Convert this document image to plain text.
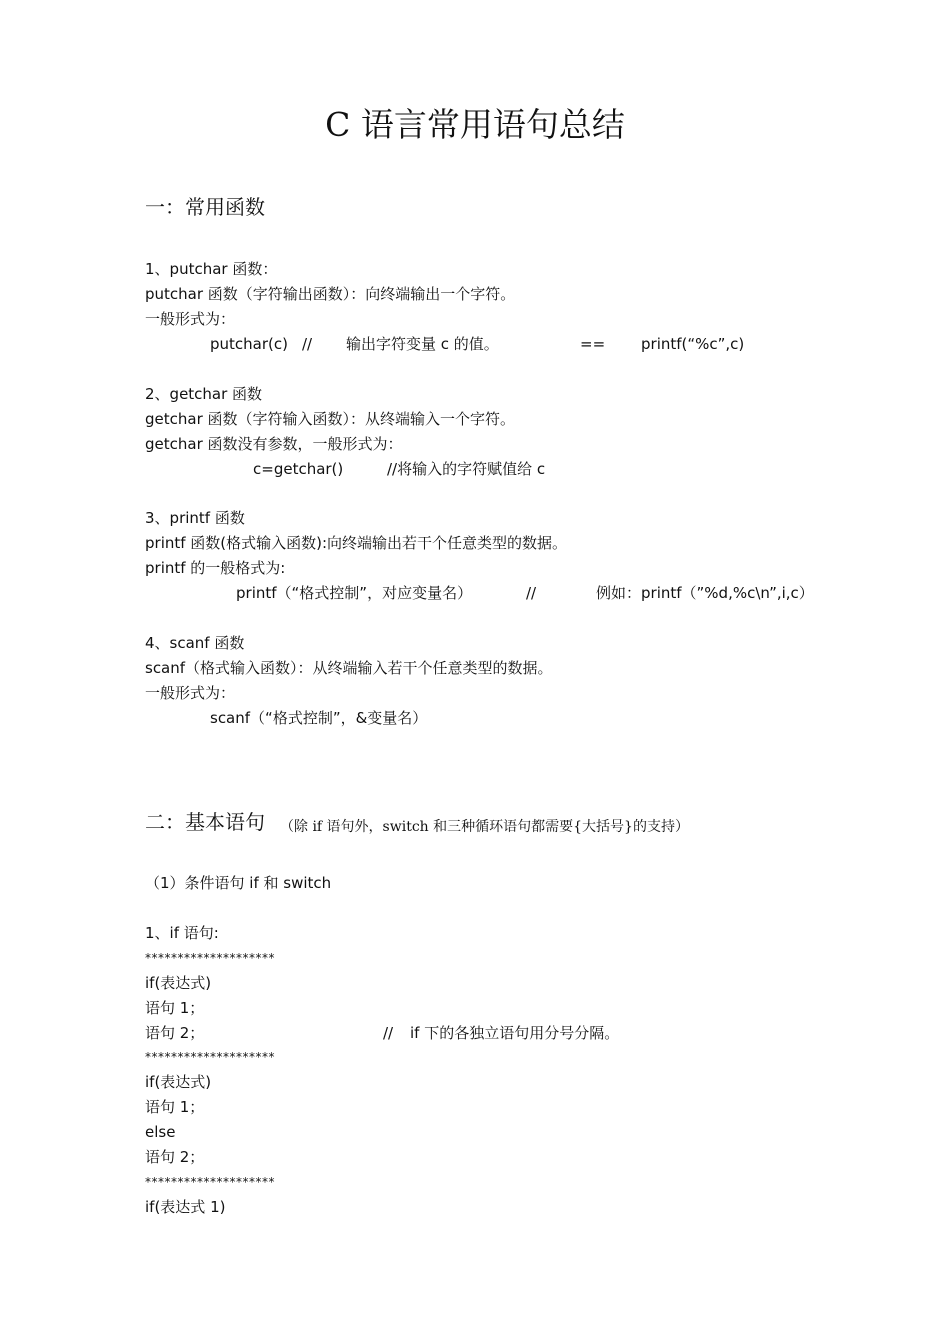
C 语言常用语句总结
一：常用函数
1、putchar 函数：
putchar 函数（字符输出函数）：向终端输出一个字符。
一般形式为：
putchar(c) // 输出字符变量 c 的值。	== printf(“%c”,c)
2、getchar 函数
getchar 函数（字符输入函数）：从终端输入一个字符。
getchar 函数没有参数，一般形式为：
c=getchar()	//将输入的字符赋值给 c
3、printf 函数
printf 函数(格式输入函数):向终端输出若干个任意类型的数据。
printf 的一般格式为:
printf（“格式控制”，对应变量名）	//	例如：printf（”%d,%c\n”,i,c）
4、scanf 函数
scanf（格式输入函数）：从终端输入若干个任意类型的数据。
一般形式为：
scanf（“格式控制”，&变量名）
二：基本语句 （除 if 语句外，switch 和三种循环语句都需要{大括号}的支持）
（1）条件语句 if 和 switch
1、if 语句:
********************
if(表达式)
语句 1；
语句 2；	// if 下的各独立语句用分号分隔。
********************
if(表达式)
语句 1；
else
语句 2；
********************
if(表达式 1)
